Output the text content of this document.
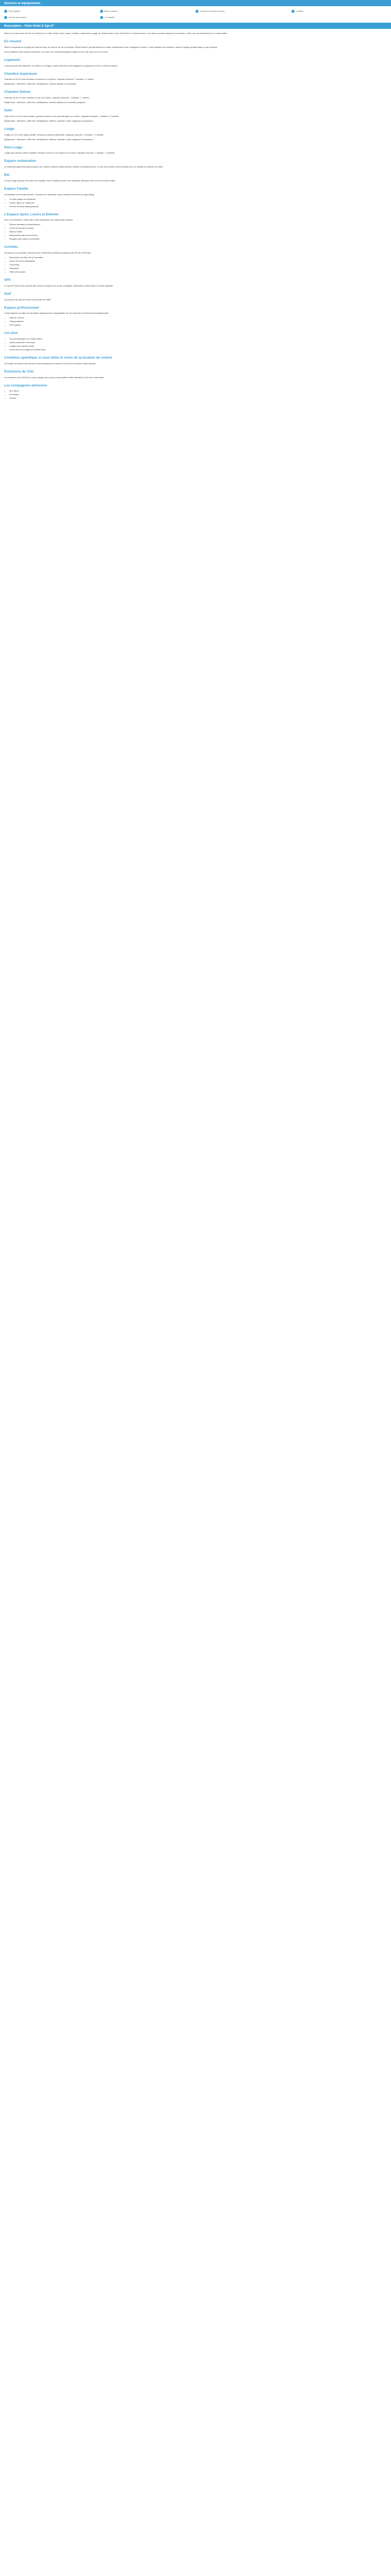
Services et équipements
Wi-Fi gratuit	Bains à bulles	Centre de remise en forme	Lit bébé
Piscine découverte	TV satellite
Description – Palm Hotel & Spa 5*

Situé sur la côte ouest de l'île de la Réunion, le Palm Hotel & Spa, classé 5 étoiles, surplombe la plage de Grande Anse, entre Saint-Pierre et Saint-Joseph. Lové dans un jardin tropical de 4 hectares, il offre une vue imprenable sur l'océan Indien.

En résumé

Situé en surplomb de la plage de Grande Anse, au sud de l'île de la Réunion, PALM Hotel & Spa bénéficie d'un cadre exceptionnel entre montagne et océan. L'hôtel dispose de chambres, suites et lodges répartis dans un parc tropical.

Vous profiterez d'une piscine extérieure, d'un spa, d'un restaurant gastronomique et d'un bar avec vue sur l'océan.

Logement

L'hôtel propose 68 chambres, 10 suites et 10 lodges, toutes décorées avec élégance et équipées de tout le confort moderne.

Chambre Supérieure

Chambre de 30 m² avec terrasse ou balcon et vue jardin. Capacité d'accueil : 2 adultes + 1 enfant.

Équipement : télévision, coffre-fort, climatisation, minibar, plateau de courtoisie.

Chambre Deluxe

Chambre de 35 m² avec terrasse et vue sur l'océan. Capacité d'accueil : 2 adultes + 1 enfant.

Équipement : télévision, coffre-fort, climatisation, minibar, plateau de courtoisie, peignoirs.

Suite

Suite de 60 m² avec salon séparé, grande terrasse et vue panoramique sur l'océan. Capacité d'accueil : 2 adultes + 2 enfants.

Équipement : télévision, coffre-fort, climatisation, minibar, machine à café, peignoirs et chaussons.

Lodge

Lodge de 70 m² avec jardin privatif, terrasse et piscine individuelle. Capacité d'accueil : 2 adultes + 2 enfants.

Équipement : télévision, coffre-fort, climatisation, minibar, machine à café, peignoirs et chaussons.

Pool Lodge

Lodge avec piscine privée chauffée, terrasse en bois et vue directe sur l'océan. Capacité d'accueil : 2 adultes + 2 enfants.

Espace restauration

Le restaurant gastronomique propose une cuisine créative mêlant saveurs créoles et produits locaux. Le bar de la piscine vous accueille pour un cocktail au coucher du soleil.

Bar

Le bar lounge propose une carte de cocktails, vins et spiritueux dans une ambiance détendue avec vue sur l'océan Indien.

Espace Famille

Les familles sont les bienvenues : lits bébé sur demande, menus enfants et service de baby-sitting.

• Lit bébé gratuit sur demande
• Chaise haute au restaurant
• Service de baby-sitting (payant)
L'Espace Sport, Loisirs et Détente

Pour vous détendre, l'hôtel met à votre disposition de nombreuses activités.

• Piscine extérieure à débordement
• Centre de remise en forme
• Bains à bulles
• Randonnées dans les environs
• Plongée sous-marine à proximité
Activités

Sur place ou à proximité, découvrez les nombreuses activités proposées par l'île de la Réunion.

• Randonnée au Piton de la Fournaise
• Survol de l'île en hélicoptère
• Canyoning
• Parapente
• Visite des cirques
SPA

Le Spa de l'hôtel vous propose des soins du visage et du corps, massages, hammam et sauna dans un cadre apaisant.

Golf

Un parcours de golf se trouve à proximité de l'hôtel.

Espace professionnel

L'hôtel dispose de salles de séminaire équipées pour l'organisation de vos réunions et événements professionnels.

• Salle de réunion
• Vidéoprojecteur
• Wi-Fi gratuit
Les plus
• Vue panoramique sur l'océan Indien
• Jardin tropical de 4 hectares
• Lodges avec piscine privée
• Accès direct à la plage de Grande Anse
Condition spécifique si vous faites le choix de la location de voiture

La location de voiture est vivement recommandée pour découvrir l'île et ses nombreux sites naturels.

Émissions de CO2

Les émissions de CO2 liées à votre voyage vous sont communiquées à titre indicatif lors de votre réservation.

Les compagnies aériennes
• Air France
• Air Austral
• Corsair
